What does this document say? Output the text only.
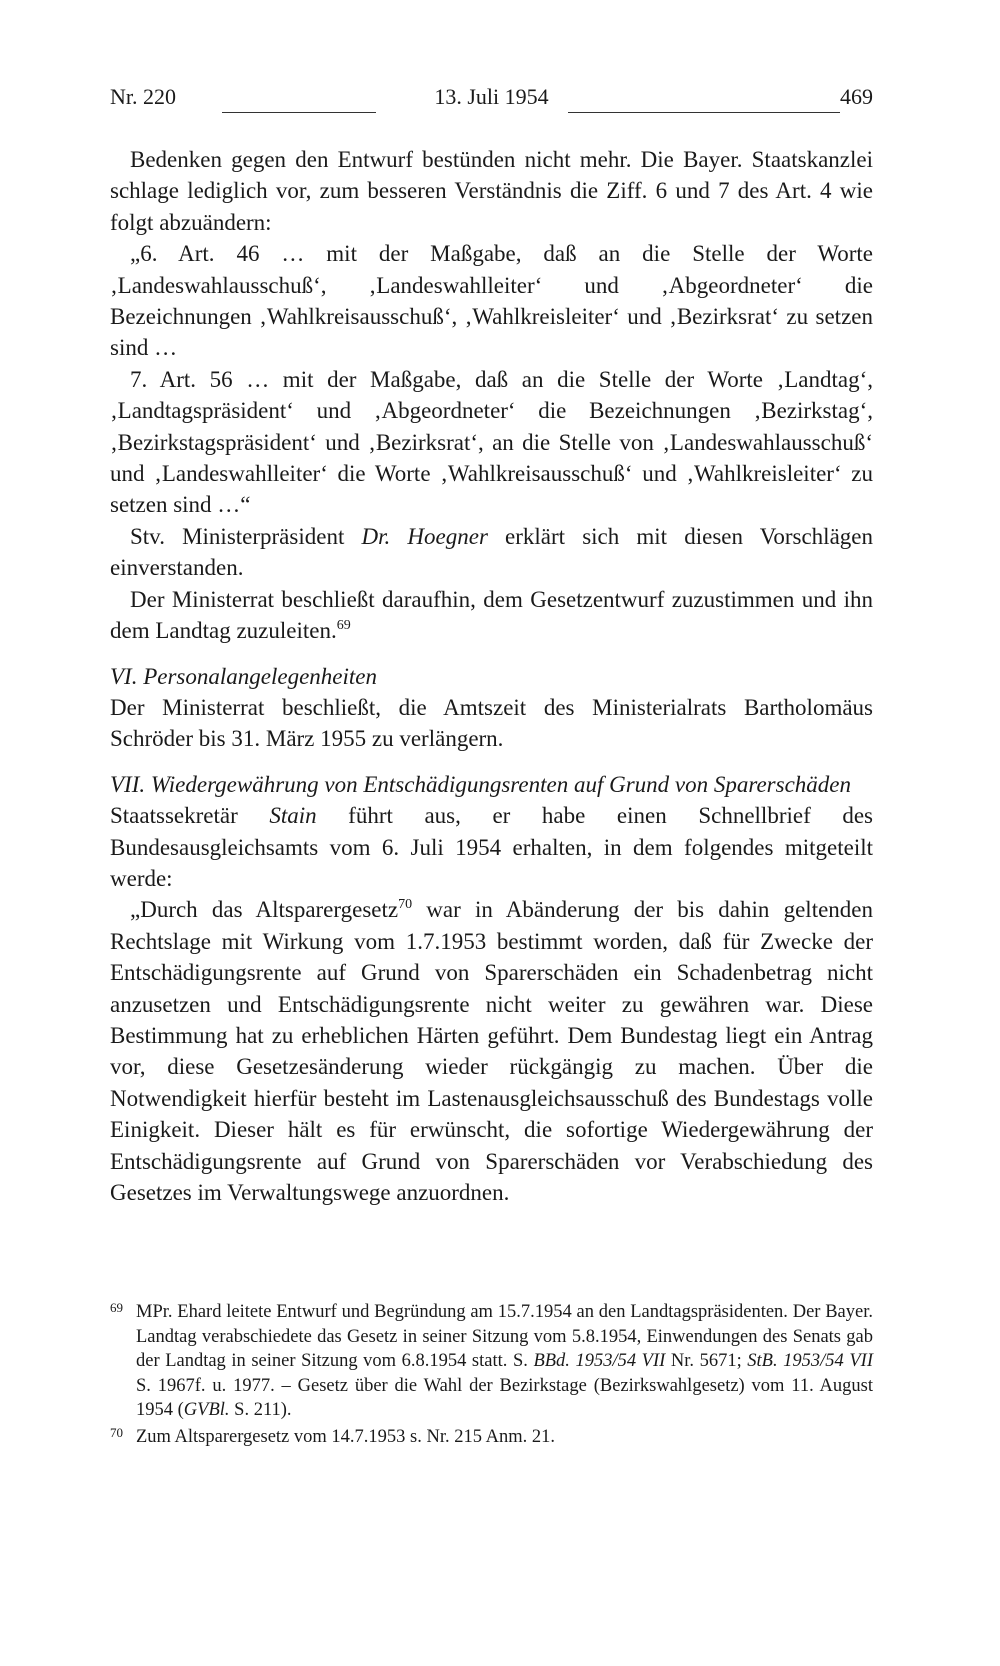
Nr. 220	13. Juli 1954	469

Bedenken gegen den Entwurf bestünden nicht mehr. Die Bayer. Staatskanzlei schlage lediglich vor, zum besseren Verständnis die Ziff. 6 und 7 des Art. 4 wie folgt abzuändern:

„6. Art. 46 … mit der Maßgabe, daß an die Stelle der Worte ‚Landeswahlausschuß‘, ‚Landeswahlleiter‘ und ‚Abgeordneter‘ die Bezeichnungen ‚Wahlkreisausschuß‘, ‚Wahlkreisleiter‘ und ‚Bezirksrat‘ zu setzen sind …

7. Art. 56 … mit der Maßgabe, daß an die Stelle der Worte ‚Landtag‘, ‚Landtagspräsident‘ und ‚Abgeordneter‘ die Bezeichnungen ‚Bezirkstag‘, ‚Bezirkstagspräsident‘ und ‚Bezirksrat‘, an die Stelle von ‚Landeswahlausschuß‘ und ‚Landeswahlleiter‘ die Worte ‚Wahlkreisausschuß‘ und ‚Wahlkreisleiter‘ zu setzen sind …“

Stv. Ministerpräsident Dr. Hoegner erklärt sich mit diesen Vorschlägen einverstanden.

Der Ministerrat beschließt daraufhin, dem Gesetzentwurf zuzustimmen und ihn dem Landtag zuzuleiten.$^{69}$

VI. Personalangelegenheiten

Der Ministerrat beschließt, die Amtszeit des Ministerialrats Bartholomäus Schröder bis 31. März 1955 zu verlängern.

VII. Wiedergewährung von Entschädigungsrenten auf Grund von Sparerschäden

Staatssekretär Stain führt aus, er habe einen Schnellbrief des Bundesausgleichsamts vom 6. Juli 1954 erhalten, in dem folgendes mitgeteilt werde:

„Durch das Altsparergesetz$^{70}$ war in Abänderung der bis dahin geltenden Rechtslage mit Wirkung vom 1.7.1953 bestimmt worden, daß für Zwecke der Entschädigungsrente auf Grund von Sparerschäden ein Schadenbetrag nicht anzusetzen und Entschädigungsrente nicht weiter zu gewähren war. Diese Bestimmung hat zu erheblichen Härten geführt. Dem Bundestag liegt ein Antrag vor, diese Gesetzesänderung wieder rückgängig zu machen. Über die Notwendigkeit hierfür besteht im Lastenausgleichsausschuß des Bundestags volle Einigkeit. Dieser hält es für erwünscht, die sofortige Wiedergewährung der Entschädigungsrente auf Grund von Sparerschäden vor Verabschiedung des Gesetzes im Verwaltungswege anzuordnen.

69 MPr. Ehard leitete Entwurf und Begründung am 15.7.1954 an den Landtagspräsidenten. Der Bayer. Landtag verabschiedete das Gesetz in seiner Sitzung vom 5.8.1954, Einwendungen des Senats gab der Landtag in seiner Sitzung vom 6.8.1954 statt. S. BBd. 1953/54 VII Nr. 5671; StB. 1953/54 VII S. 1967f. u. 1977. – Gesetz über die Wahl der Bezirkstage (Bezirkswahlgesetz) vom 11. August 1954 (GVBl. S. 211).
70 Zum Altsparergesetz vom 14.7.1953 s. Nr. 215 Anm. 21.
